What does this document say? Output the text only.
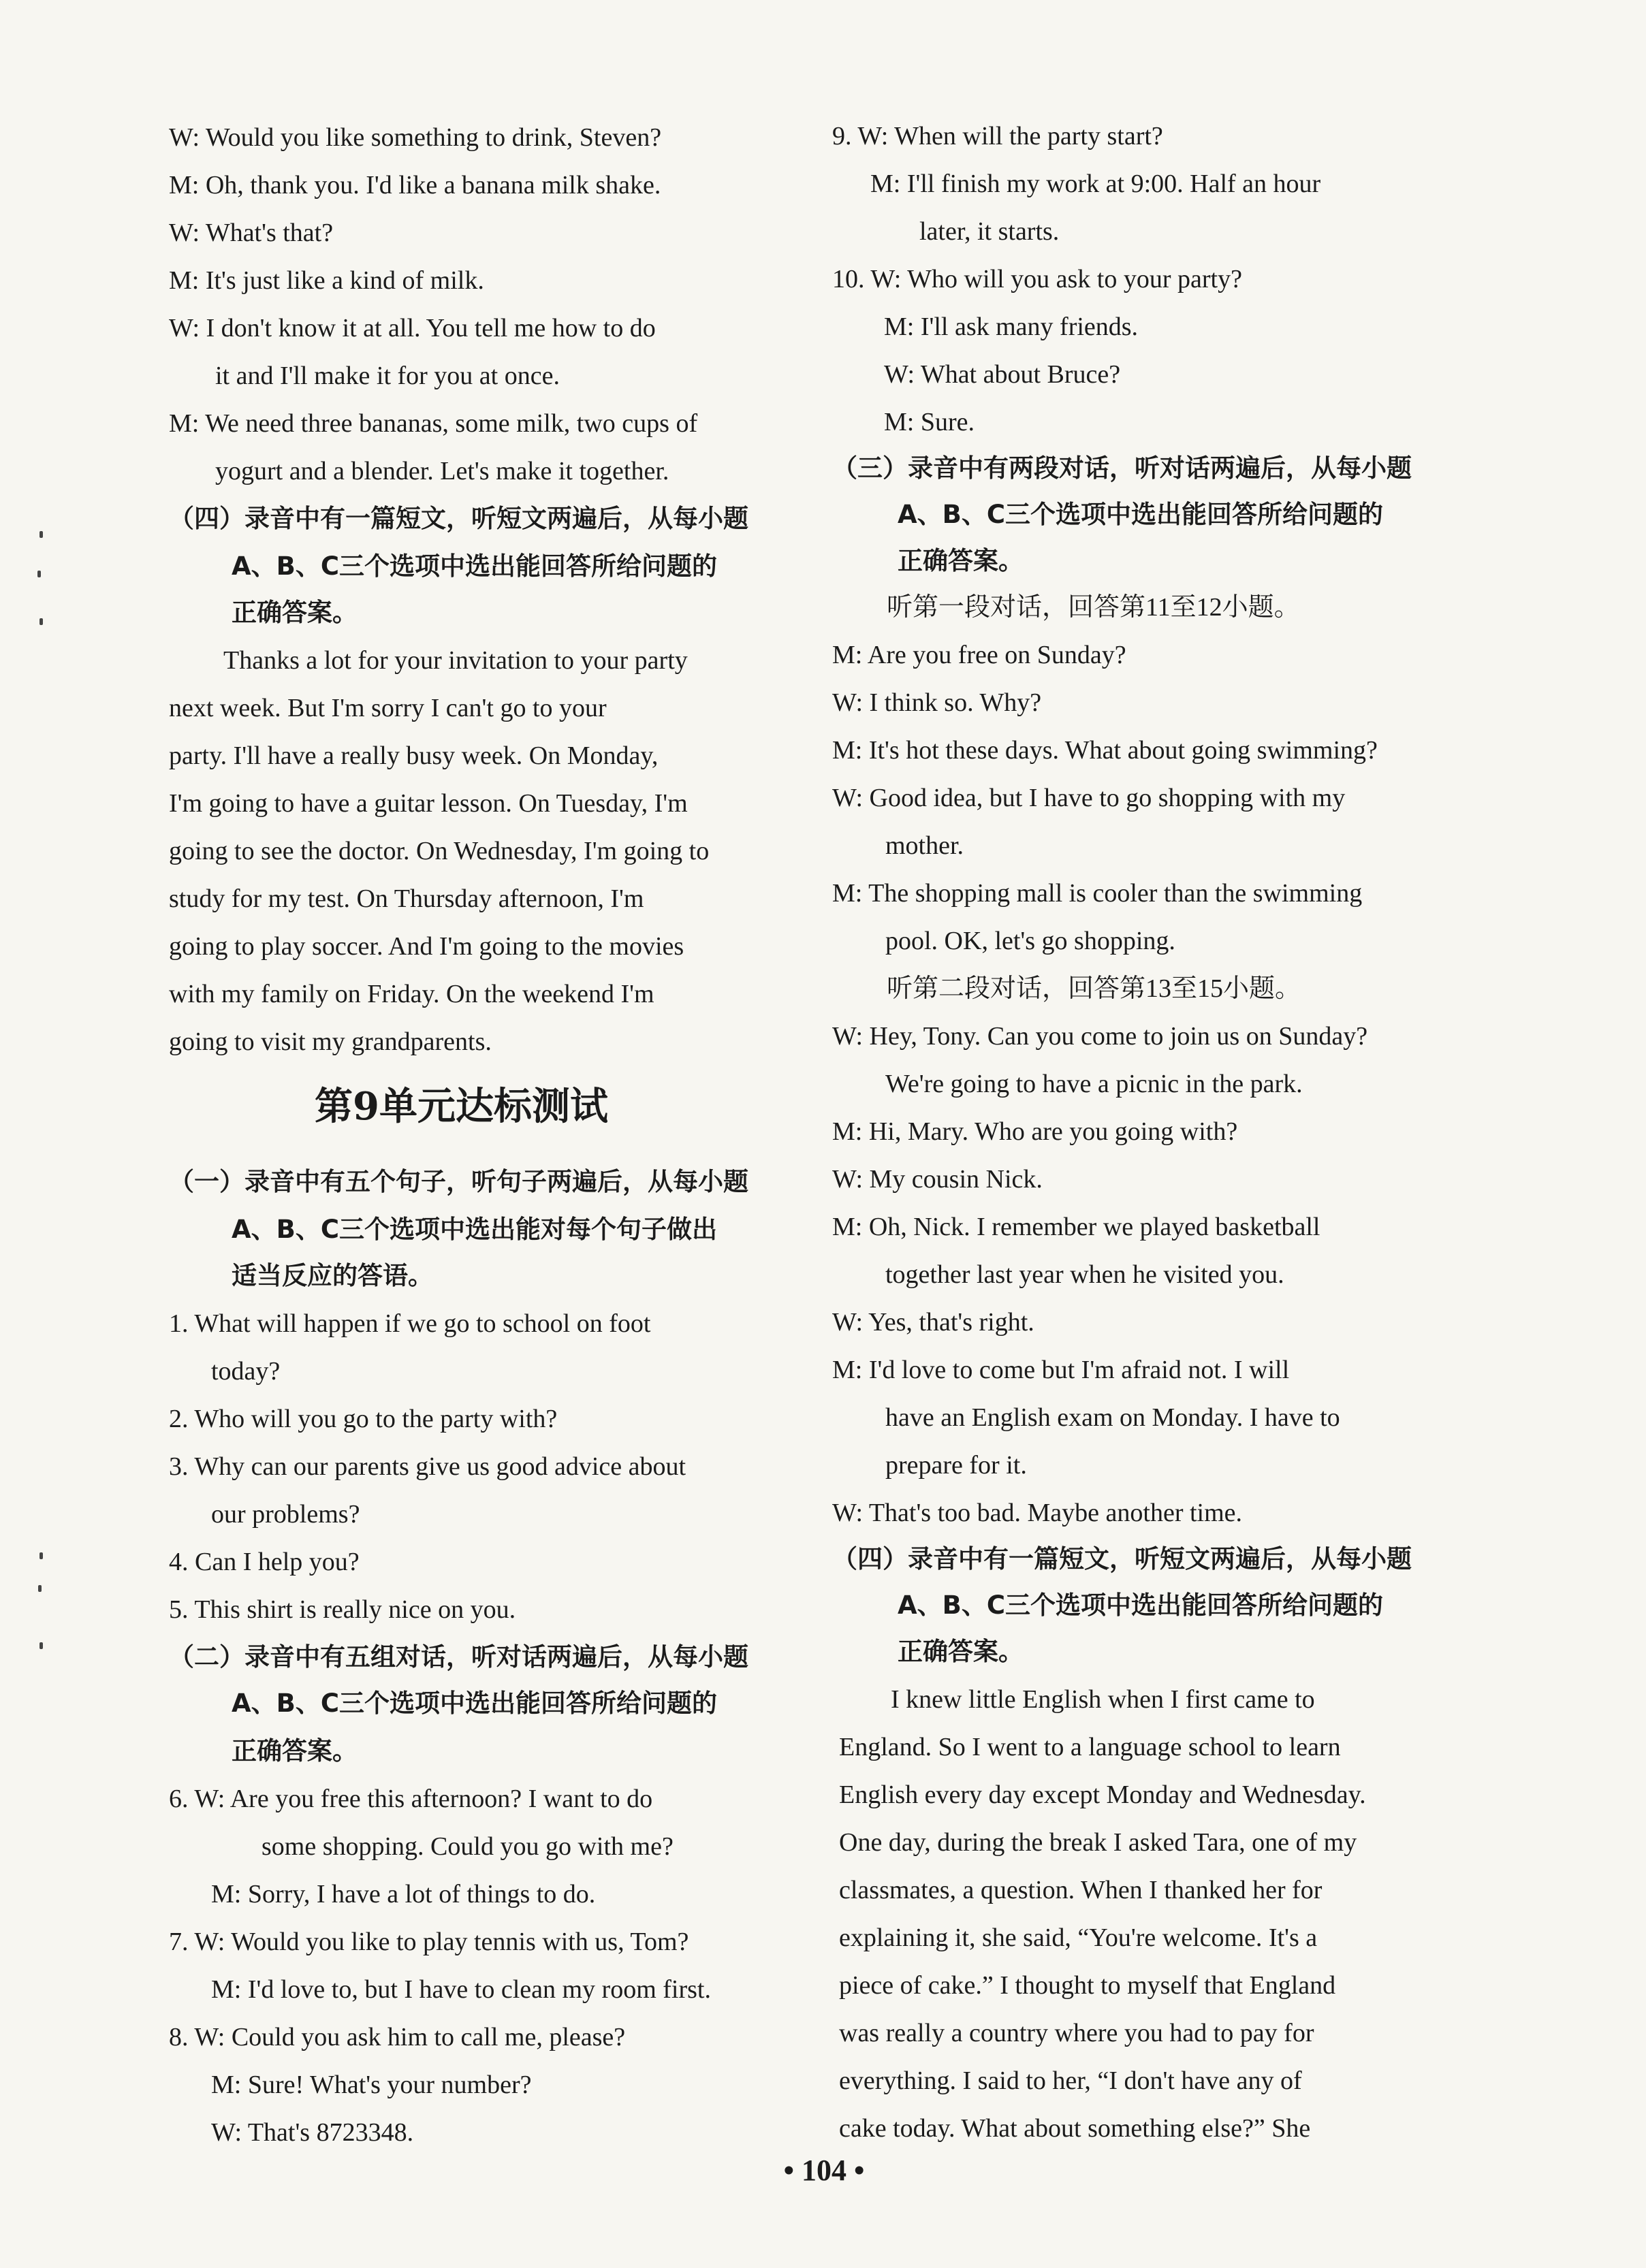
W: Would you like something to drink, Steven?
M: Oh, thank you. I'd like a banana milk shake.
W: What's that?
M: It's just like a kind of milk.
W: I don't know it at all. You tell me how to do
it and I'll make it for you at once.
M: We need three bananas, some milk, two cups of
yogurt and a blender. Let's make it together.
（四）录音中有一篇短文，听短文两遍后，从每小题
A、B、C三个选项中选出能回答所给问题的
正确答案。
Thanks a lot for your invitation to your party
next week. But I'm sorry I can't go to your
party. I'll have a really busy week. On Monday,
I'm going to have a guitar lesson. On Tuesday, I'm
going to see the doctor. On Wednesday, I'm going to
study for my test. On Thursday afternoon, I'm
going to play soccer. And I'm going to the movies
with my family on Friday. On the weekend I'm
going to visit my grandparents.
第9单元达标测试
（一）录音中有五个句子，听句子两遍后，从每小题
A、B、C三个选项中选出能对每个句子做出
适当反应的答语。
1. What will happen if we go to school on foot
today?
2. Who will you go to the party with?
3. Why can our parents give us good advice about
our problems?
4. Can I help you?
5. This shirt is really nice on you.
（二）录音中有五组对话，听对话两遍后，从每小题
A、B、C三个选项中选出能回答所给问题的
正确答案。
6. W: Are you free this afternoon? I want to do
some shopping. Could you go with me?
M: Sorry, I have a lot of things to do.
7. W: Would you like to play tennis with us, Tom?
M: I'd love to, but I have to clean my room first.
8. W: Could you ask him to call me, please?
M: Sure! What's your number?
W: That's 8723348.
9. W: When will the party start?
M: I'll finish my work at 9:00. Half an hour
later, it starts.
10. W: Who will you ask to your party?
M: I'll ask many friends.
W: What about Bruce?
M: Sure.
（三）录音中有两段对话，听对话两遍后，从每小题
A、B、C三个选项中选出能回答所给问题的
正确答案。
听第一段对话，回答第11至12小题。
M: Are you free on Sunday?
W: I think so. Why?
M: It's hot these days. What about going swimming?
W: Good idea, but I have to go shopping with my
mother.
M: The shopping mall is cooler than the swimming
pool. OK, let's go shopping.
听第二段对话，回答第13至15小题。
W: Hey, Tony. Can you come to join us on Sunday?
We're going to have a picnic in the park.
M: Hi, Mary. Who are you going with?
W: My cousin Nick.
M: Oh, Nick. I remember we played basketball
together last year when he visited you.
W: Yes, that's right.
M: I'd love to come but I'm afraid not. I will
have an English exam on Monday. I have to
prepare for it.
W: That's too bad. Maybe another time.
（四）录音中有一篇短文，听短文两遍后，从每小题
A、B、C三个选项中选出能回答所给问题的
正确答案。
I knew little English when I first came to
England. So I went to a language school to learn
English every day except Monday and Wednesday.
One day, during the break I asked Tara, one of my
classmates, a question. When I thanked her for
explaining it, she said, “You're welcome. It's a
piece of cake.” I thought to myself that England
was really a country where you had to pay for
everything. I said to her, “I don't have any of
cake today. What about something else?” She
• 104 •
